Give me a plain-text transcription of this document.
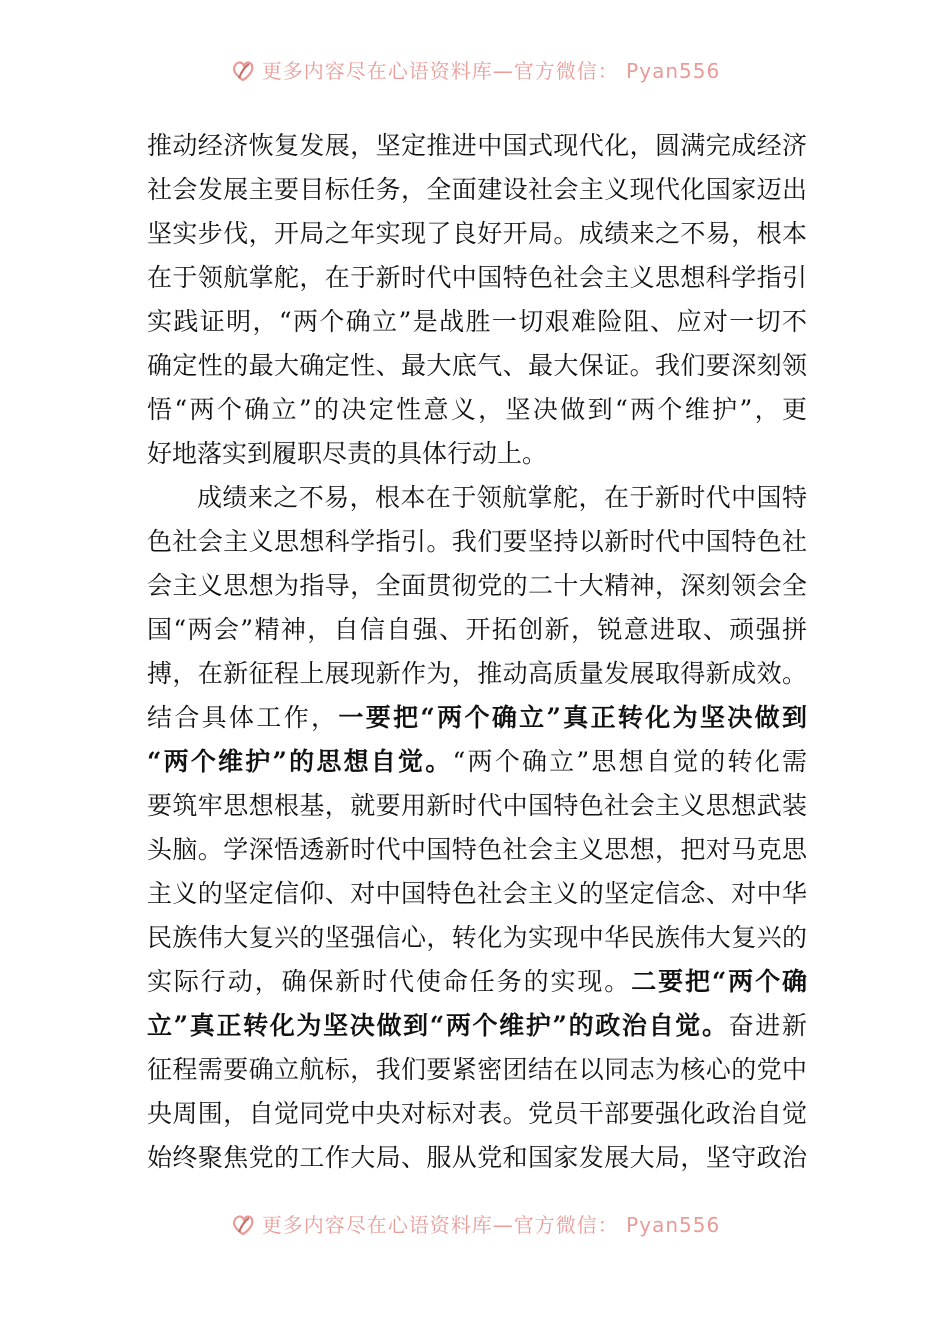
更多内容尽在心语资料库—官方微信： Pyan556
推动经济恢复发展，坚定推进中国式现代化，圆满完成经济
社会发展主要目标任务，全面建设社会主义现代化国家迈出
坚实步伐，开局之年实现了良好开局。成绩来之不易，根本
在于领航掌舵，在于新时代中国特色社会主义思想科学指引
实践证明，“两个确立”是战胜一切艰难险阻、应对一切不
确定性的最大确定性、最大底气、最大保证。我们要深刻领
悟“两个确立”的决定性意义，坚决做到“两个维护”，更
好地落实到履职尽责的具体行动上。
成绩来之不易，根本在于领航掌舵，在于新时代中国特
色社会主义思想科学指引。我们要坚持以新时代中国特色社
会主义思想为指导，全面贯彻党的二十大精神，深刻领会全
国“两会”精神，自信自强、开拓创新，锐意进取、顽强拼
搏，在新征程上展现新作为，推动高质量发展取得新成效。
结合具体工作，一要把“两个确立”真正转化为坚决做到
“两个维护”的思想自觉。“两个确立”思想自觉的转化需
要筑牢思想根基，就要用新时代中国特色社会主义思想武装
头脑。学深悟透新时代中国特色社会主义思想，把对马克思
主义的坚定信仰、对中国特色社会主义的坚定信念、对中华
民族伟大复兴的坚强信心，转化为实现中华民族伟大复兴的
实际行动，确保新时代使命任务的实现。二要把“两个确
立”真正转化为坚决做到“两个维护”的政治自觉。奋进新
征程需要确立航标，我们要紧密团结在以同志为核心的党中
央周围，自觉同党中央对标对表。党员干部要强化政治自觉
始终聚焦党的工作大局、服从党和国家发展大局，坚守政治
更多内容尽在心语资料库—官方微信： Pyan556
